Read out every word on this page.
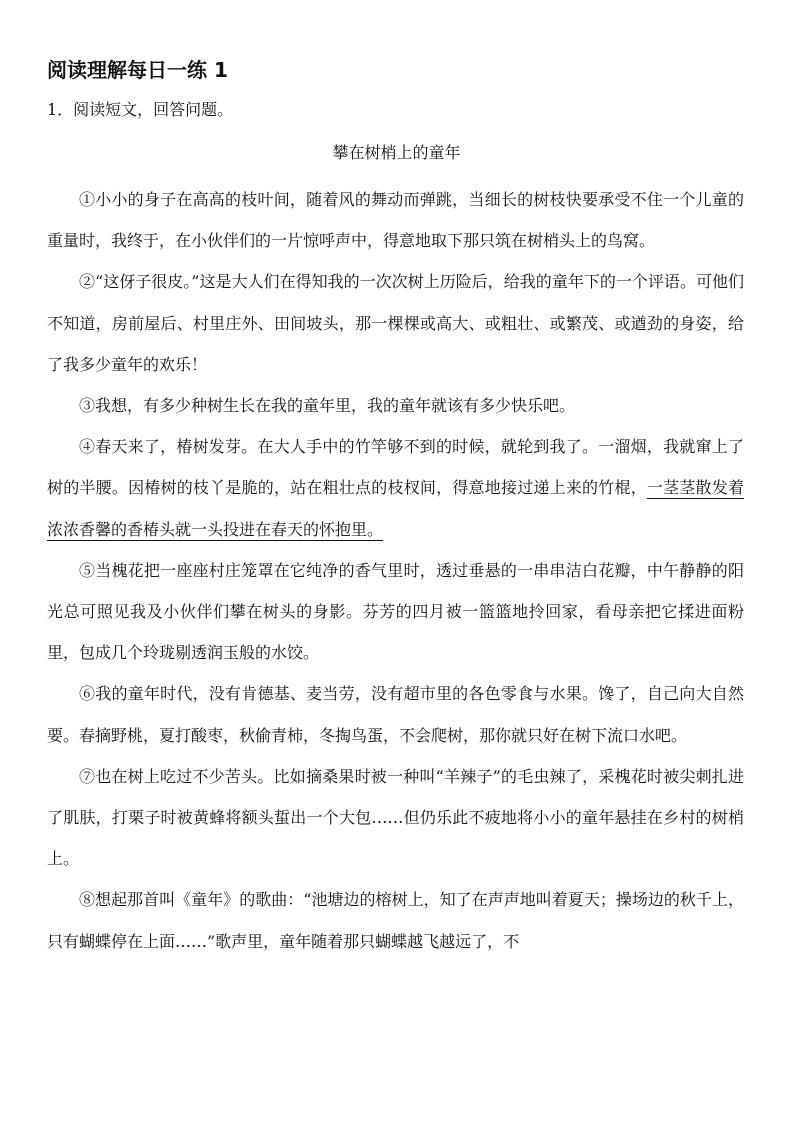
阅读理解每日一练 1
1．阅读短文，回答问题。
攀在树梢上的童年

①小小的身子在高高的枝叶间，随着风的舞动而弹跳，当细长的树枝快要承受不住一个儿童的重量时，我终于，在小伙伴们的一片惊呼声中，得意地取下那只筑在树梢头上的鸟窝。

②“这伢子很皮。”这是大人们在得知我的一次次树上历险后，给我的童年下的一个评语。可他们不知道，房前屋后、村里庄外、田间坡头，那一棵棵或高大、或粗壮、或繁茂、或遒劲的身姿，给了我多少童年的欢乐！

③我想，有多少种树生长在我的童年里，我的童年就该有多少快乐吧。

④春天来了，椿树发芽。在大人手中的竹竿够不到的时候，就轮到我了。一溜烟，我就窜上了树的半腰。因椿树的枝丫是脆的，站在粗壮点的枝杈间，得意地接过递上来的竹棍，一茎茎散发着浓浓香馨的香椿头就一头投进在春天的怀抱里。

⑤当槐花把一座座村庄笼罩在它纯净的香气里时，透过垂悬的一串串洁白花瓣，中午静静的阳光总可照见我及小伙伴们攀在树头的身影。芬芳的四月被一篮篮地拎回家，看母亲把它揉进面粉里，包成几个玲珑剔透润玉般的水饺。

⑥我的童年时代，没有肯德基、麦当劳，没有超市里的各色零食与水果。馋了，自己向大自然要。春摘野桃，夏打酸枣，秋偷青柿，冬掏鸟蛋，不会爬树，那你就只好在树下流口水吧。

⑦也在树上吃过不少苦头。比如摘桑果时被一种叫“羊辣子”的毛虫辣了，采槐花时被尖刺扎进了肌肤，打栗子时被黄蜂将额头蜇出一个大包……但仍乐此不疲地将小小的童年悬挂在乡村的树梢上。

⑧想起那首叫《童年》的歌曲：“池塘边的榕树上，知了在声声地叫着夏天；操场边的秋千上，只有蝴蝶停在上面……”歌声里，童年随着那只蝴蝶越飞越远了，不
